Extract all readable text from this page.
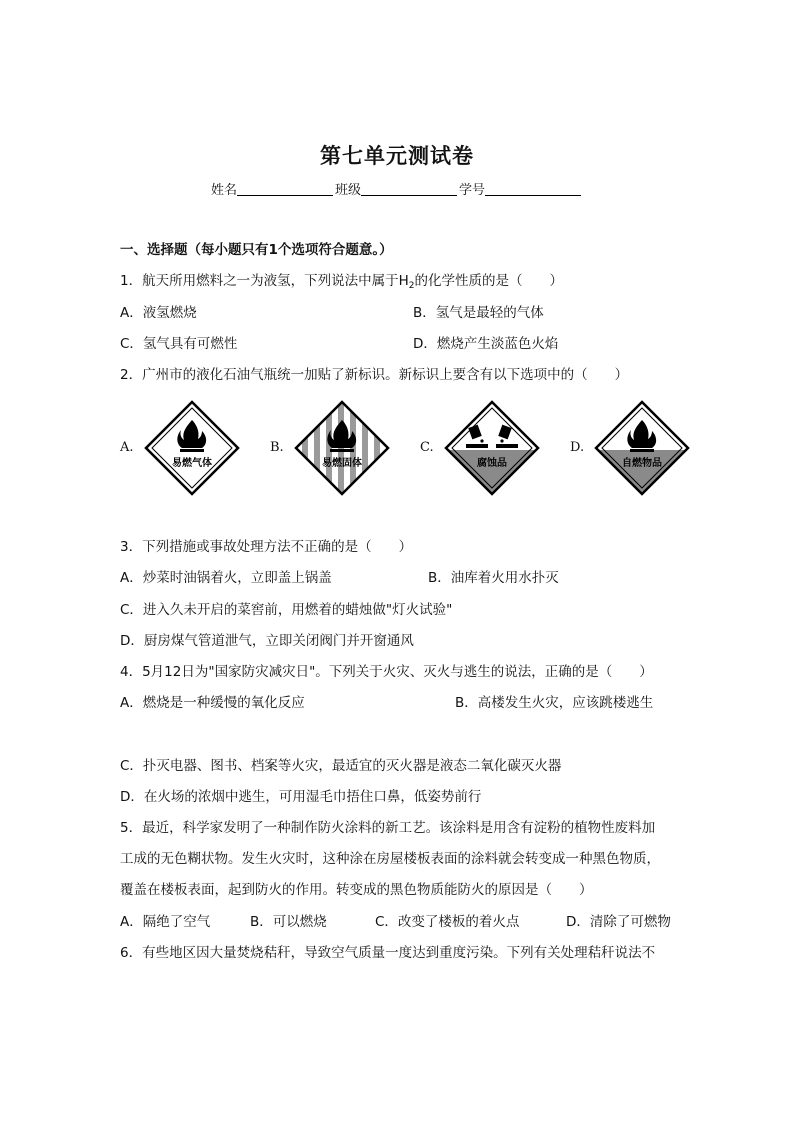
第七单元测试卷
姓名	班级	学号
一、选择题（每小题只有1个选项符合题意。）
1．航天所用燃料之一为液氢，下列说法中属于$H_2$的化学性质的是（　　）
A．液氢燃烧	B．氢气是最轻的气体
C．氢气具有可燃性	D．燃烧产生淡蓝色火焰
2．广州市的液化石油气瓶统一加贴了新标识。新标识上要含有以下选项中的（　　）
A.
易燃气体
B.
易燃固体
C.
腐蚀品
D.
自燃物品
3．下列措施或事故处理方法不正确的是（　　）
A．炒菜时油锅着火，立即盖上锅盖	B．油库着火用水扑灭
C．进入久未开启的菜窖前，用燃着的蜡烛做"灯火试验"
D．厨房煤气管道泄气，立即关闭阀门并开窗通风
4．5月12日为"国家防灾减灾日"。下列关于火灾、灭火与逃生的说法，正确的是（　　）
A．燃烧是一种缓慢的氧化反应	B．高楼发生火灾，应该跳楼逃生
C．扑灭电器、图书、档案等火灾，最适宜的灭火器是液态二氧化碳灭火器
D．在火场的浓烟中逃生，可用湿毛巾捂住口鼻，低姿势前行
5．最近，科学家发明了一种制作防火涂料的新工艺。该涂料是用含有淀粉的植物性废料加
工成的无色糊状物。发生火灾时，这种涂在房屋楼板表面的涂料就会转变成一种黑色物质，
覆盖在楼板表面，起到防火的作用。转变成的黑色物质能防火的原因是（　　）
A．隔绝了空气	B．可以燃烧	C．改变了楼板的着火点	D．清除了可燃物
6．有些地区因大量焚烧秸秆，导致空气质量一度达到重度污染。下列有关处理秸秆说法不
